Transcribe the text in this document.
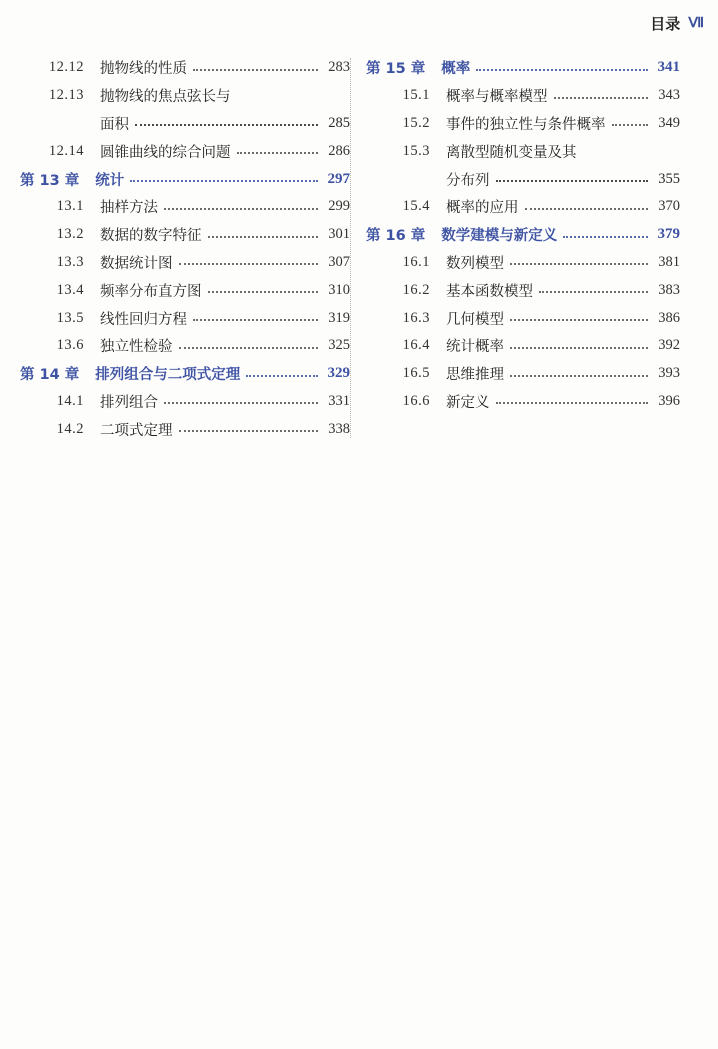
目录 Ⅶ
12.12 抛物线的性质	283
12.13 抛物线的焦点弦长与
面积	285
12.14 圆锥曲线的综合问题	286
第 13 章 统计	297
13.1 抽样方法	299
13.2 数据的数字特征	301
13.3 数据统计图	307
13.4 频率分布直方图	310
13.5 线性回归方程	319
13.6 独立性检验	325
第 14 章 排列组合与二项式定理	329
14.1 排列组合	331
14.2 二项式定理	338
第 15 章 概率	341
15.1 概率与概率模型	343
15.2 事件的独立性与条件概率	349
15.3 离散型随机变量及其
分布列	355
15.4 概率的应用	370
第 16 章 数学建模与新定义	379
16.1 数列模型	381
16.2 基本函数模型	383
16.3 几何模型	386
16.4 统计概率	392
16.5 思维推理	393
16.6 新定义	396
